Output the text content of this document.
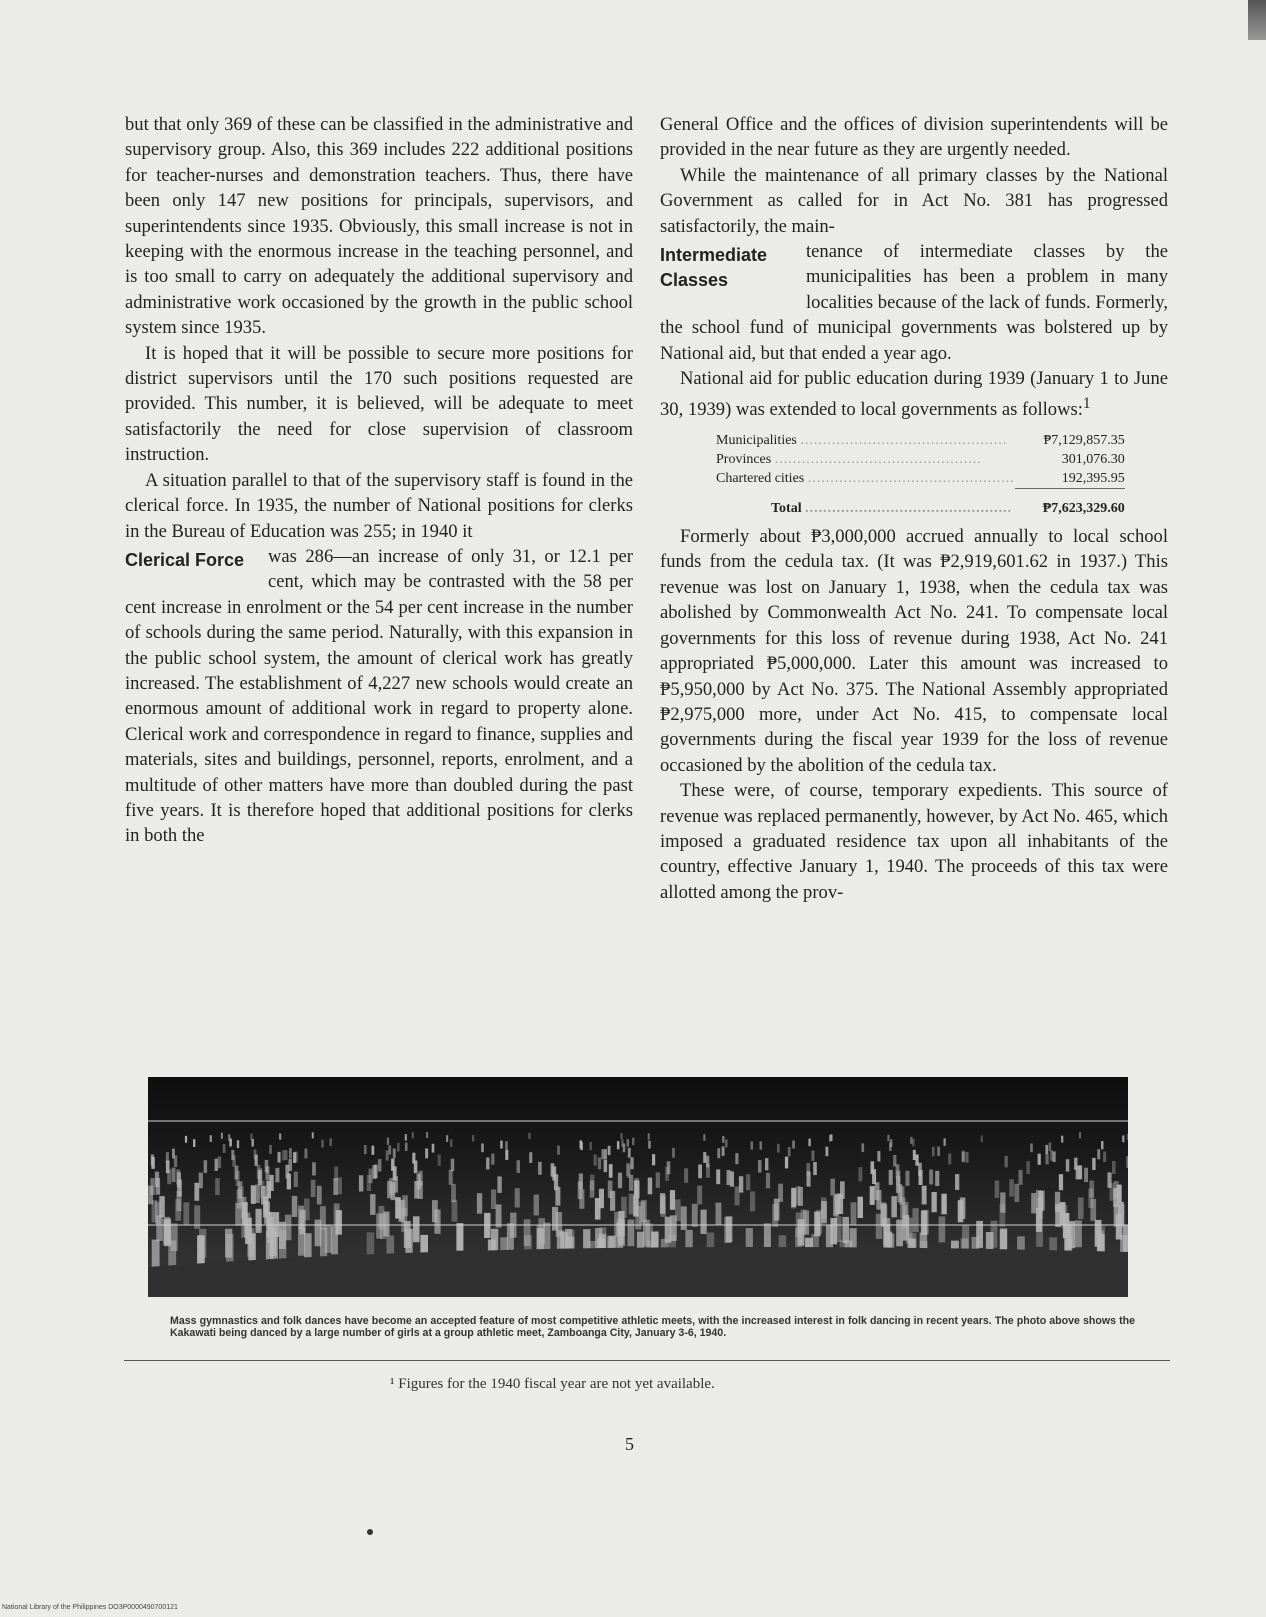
but that only 369 of these can be classified in the administrative and supervisory group. Also, this 369 includes 222 additional positions for teacher-nurses and demonstration teachers. Thus, there have been only 147 new positions for principals, supervisors, and superintendents since 1935. Obviously, this small increase is not in keeping with the enormous increase in the teaching personnel, and is too small to carry on adequately the additional supervisory and administrative work occasioned by the growth in the public school system since 1935.

It is hoped that it will be possible to secure more positions for district supervisors until the 170 such positions requested are provided. This number, it is believed, will be adequate to meet satisfactorily the need for close supervision of classroom instruction.

A situation parallel to that of the supervisory staff is found in the clerical force. In 1935, the number of National positions for clerks in the Bureau of Education was 255; in 1940 it

Clerical Force	was 286—an increase of only 31, or 12.1 per cent, which may be contrasted with the 58 per cent increase in enrolment or the 54 per cent increase in the number of schools during the same period. Naturally, with this expansion in the public school system, the amount of clerical work has greatly increased. The establishment of 4,227 new schools would create an enormous amount of additional work in regard to property alone. Clerical work and correspondence in regard to finance, supplies and materials, sites and buildings, personnel, reports, enrolment, and a multitude of other matters have more than doubled during the past five years. It is therefore hoped that additional positions for clerks in both the

General Office and the offices of division superintendents will be provided in the near future as they are urgently needed.

While the maintenance of all primary classes by the National Government as called for in Act No. 381 has progressed satisfactorily, the main-

Intermediate Classes

tenance of intermediate classes by the municipalities has been a problem in many localities because of the lack of funds. Formerly, the school fund of municipal governments was bolstered up by National aid, but that ended a year ago.

National aid for public education during 1939 (January 1 to June 30, 1939) was extended to local governments as follows:$^1$

Municipalities ..............................................	₱7,129,857.35
Provinces ..............................................	301,076.30
Chartered cities ..............................................	192,395.95
Total ..............................................	₱7,623,329.60

Formerly about ₱3,000,000 accrued annually to local school funds from the cedula tax. (It was ₱2,919,601.62 in 1937.) This revenue was lost on January 1, 1938, when the cedula tax was abolished by Commonwealth Act No. 241. To compensate local governments for this loss of revenue during 1938, Act No. 241 appropriated ₱5,000,000. Later this amount was increased to ₱5,950,000 by Act No. 375. The National Assembly appropriated ₱2,975,000 more, under Act No. 415, to compensate local governments during the fiscal year 1939 for the loss of revenue occasioned by the abolition of the cedula tax.

These were, of course, temporary expedients. This source of revenue was replaced permanently, however, by Act No. 465, which imposed a graduated residence tax upon all inhabitants of the country, effective January 1, 1940. The proceeds of this tax were allotted among the prov-

Mass gymnastics and folk dances have become an accepted feature of most competitive athletic meets, with the increased interest in folk dancing in recent years. The photo above shows the Kakawati being danced by a large number of girls at a group athletic meet, Zamboanga City, January 3-6, 1940.
¹ Figures for the 1940 fiscal year are not yet available.
5
National Library of the Philippines DO3P0000490700121
